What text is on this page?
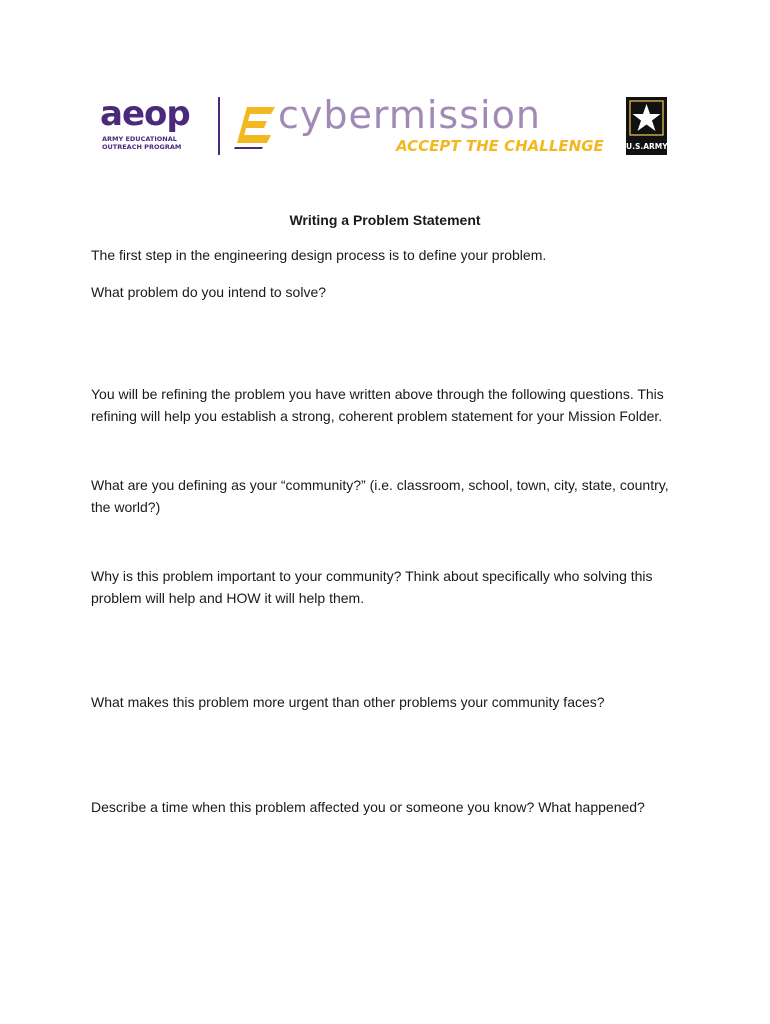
aeop
ARMY EDUCATIONAL OUTREACH PROGRAM
cybermission
ACCEPT THE CHALLENGE	U.S.ARMY
Writing a Problem Statement
The first step in the engineering design process is to define your problem.
What problem do you intend to solve?
You will be refining the problem you have written above through the following questions. This refining will help you establish a strong, coherent problem statement for your Mission Folder.
What are you defining as your “community?” (i.e. classroom, school, town, city, state, country, the world?)
Why is this problem important to your community? Think about specifically who solving this problem will help and HOW it will help them.
What makes this problem more urgent than other problems your community faces?
Describe a time when this problem affected you or someone you know? What happened?
